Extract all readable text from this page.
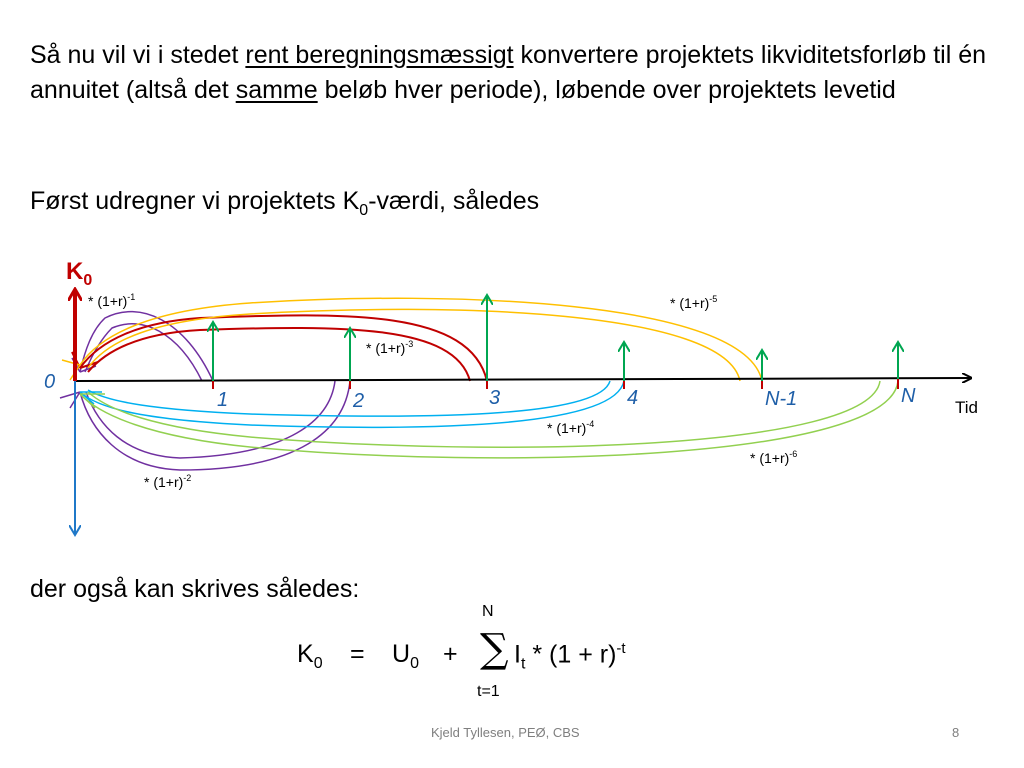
Så nu vil vi i stedet rent beregningsmæssigt konvertere projektets likviditetsforløb til én annuitet (altså det samme beløb hver periode), løbende over projektets levetid

Først udregner vi projektets $K_0$-værdi, således

$K_0$
0
Tid
1	2	3	4	N-1	N
* $(1+r)^{-1}$
* $(1+r)^{-2}$
* $(1+r)^{-3}$
* $(1+r)^{-4}$
* $(1+r)^{-5}$
* $(1+r)^{-6}$

der også kan skrives således:

$K_0 = U_0$ + ∑
N
t=1
$I_t * (1 + r)^{-t}$
Kjeld Tyllesen, PEØ, CBS	8
